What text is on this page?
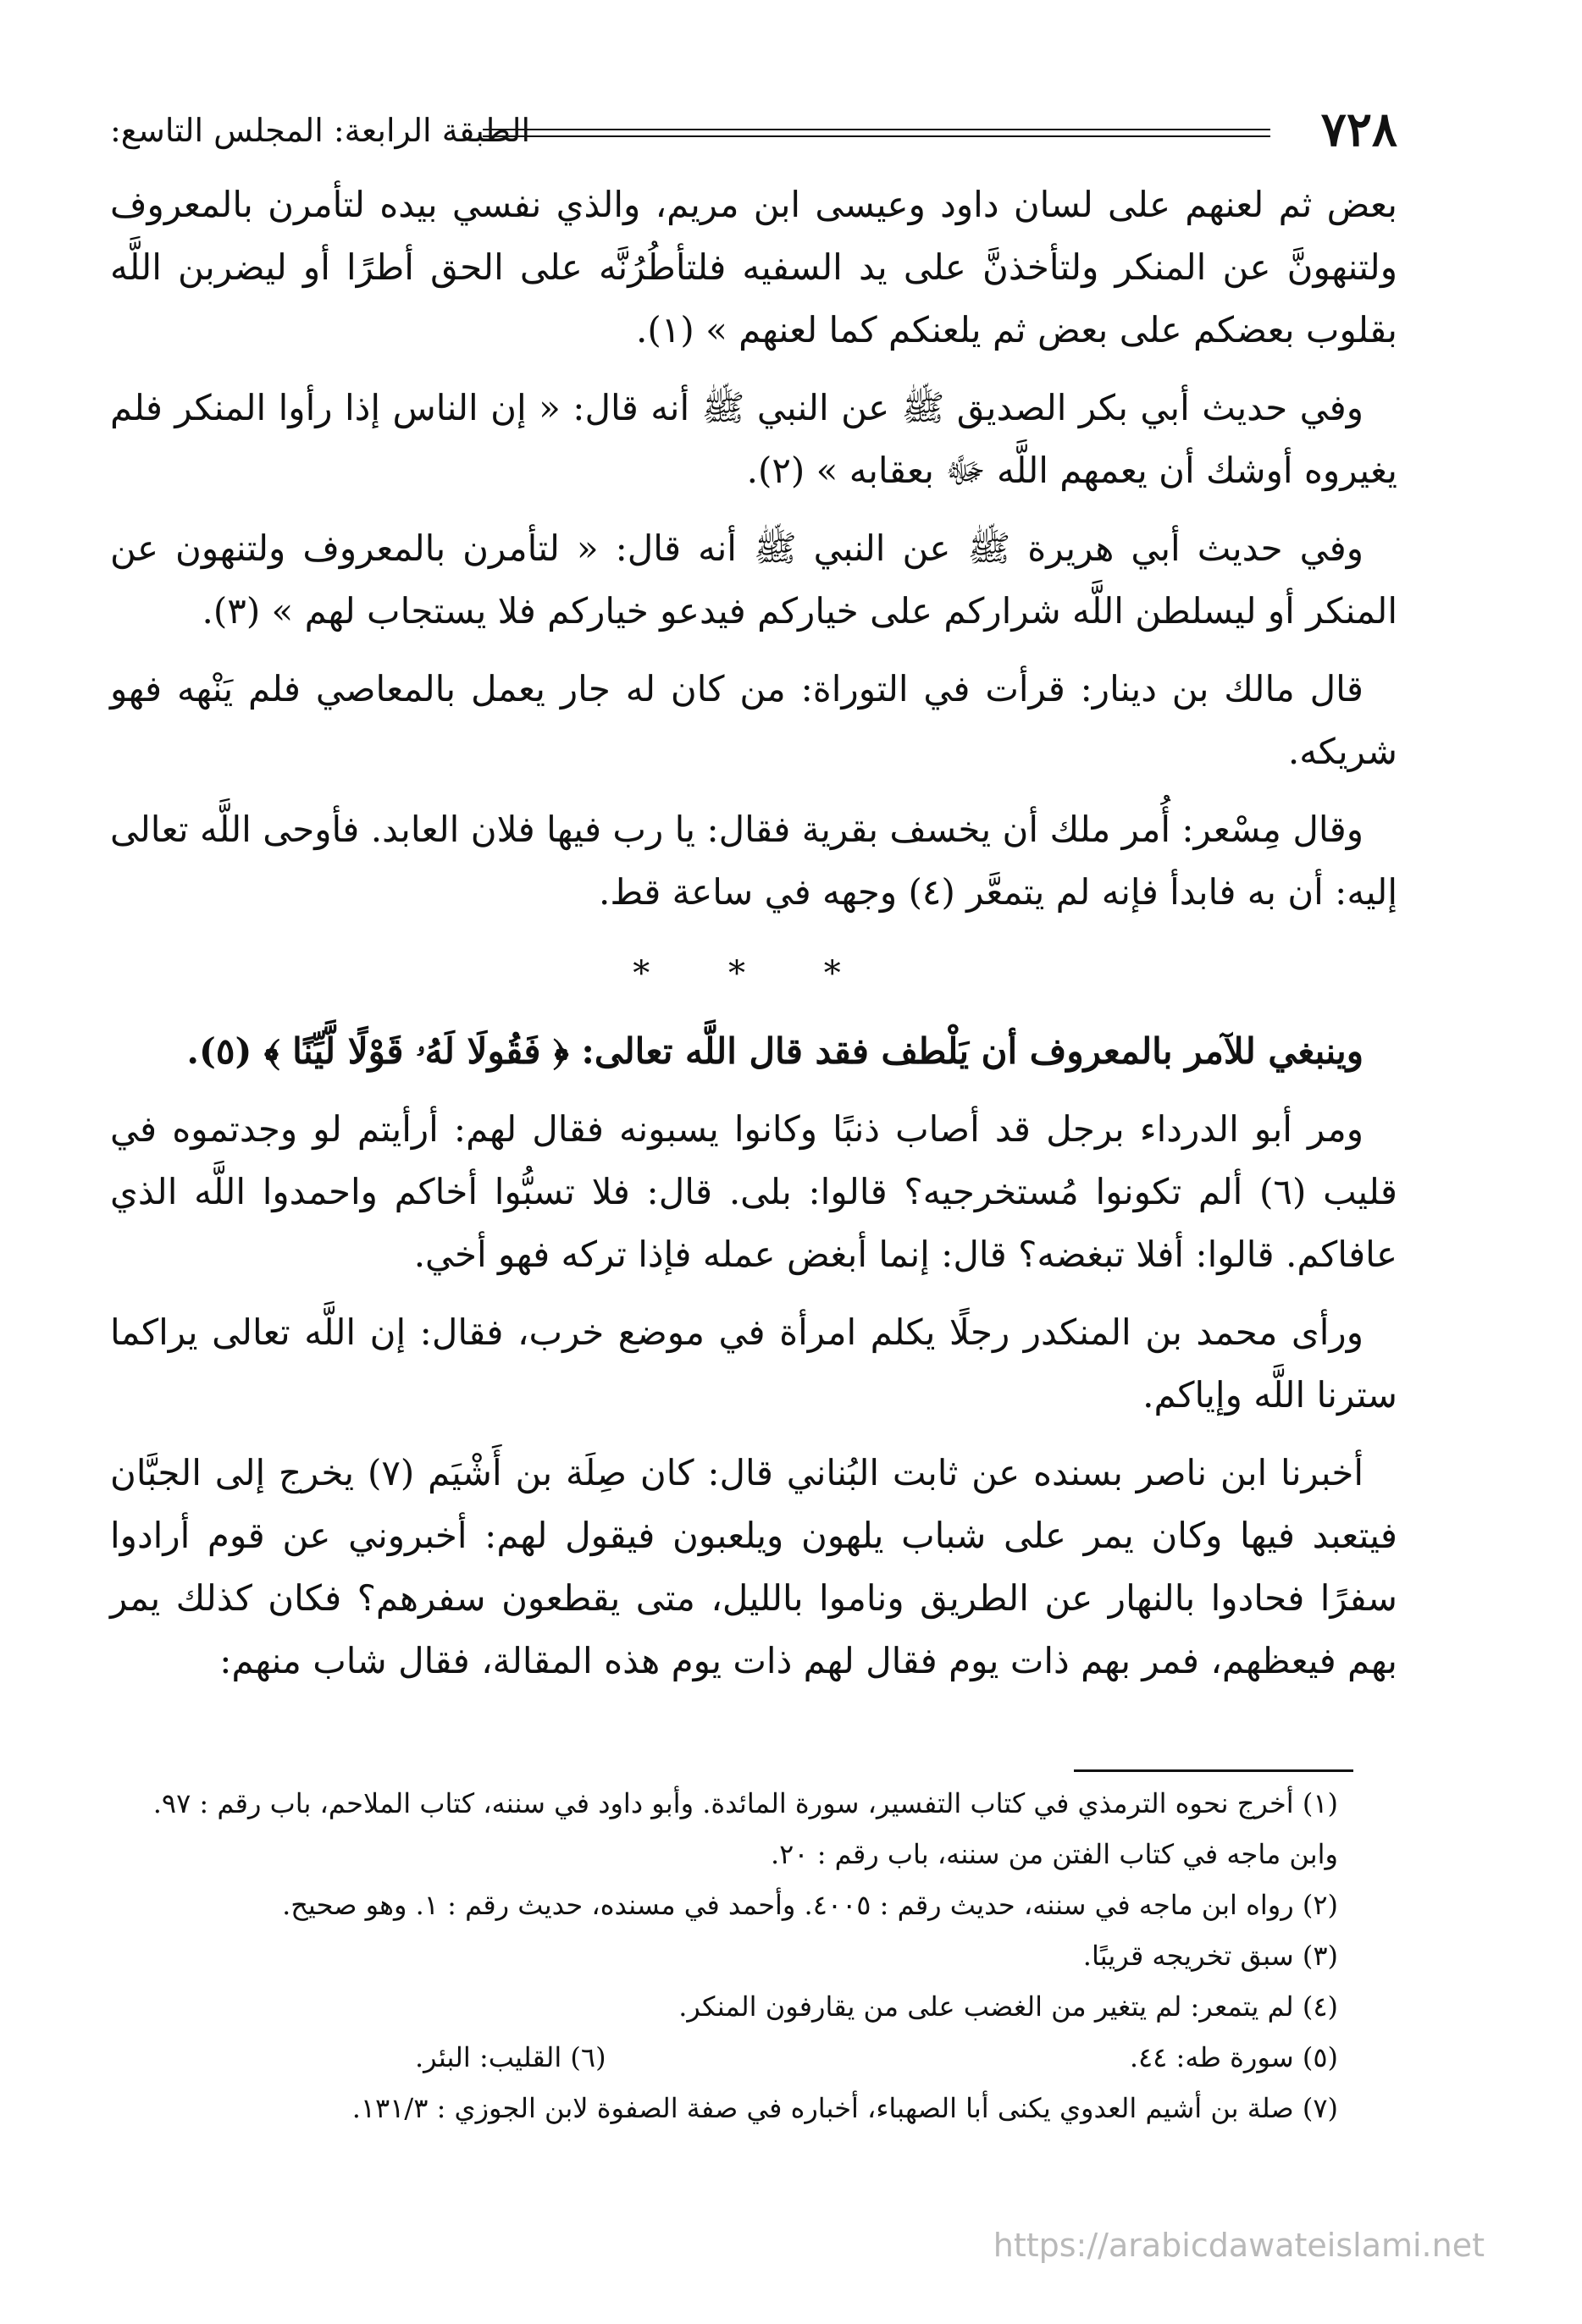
٧٢٨
الطبقة الرابعة: المجلس التاسع:

بعض ثم لعنهم على لسان داود وعيسى ابن مريم، والذي نفسي بيده لتأمرن بالمعروف ولتنهونَّ عن المنكر ولتأخذنَّ على يد السفيه فلتأطُرُنَّه على الحق أطرًا أو ليضربن اللَّه بقلوب بعضكم على بعض ثم يلعنكم كما لعنهم » (١).

وفي حديث أبي بكر الصديق ﷺ عن النبي ﷺ أنه قال: « إن الناس إذا رأوا المنكر فلم يغيروه أوشك أن يعمهم اللَّه ﷻ بعقابه » (٢).

وفي حديث أبي هريرة ﷺ عن النبي ﷺ أنه قال: « لتأمرن بالمعروف ولتنهون عن المنكر أو ليسلطن اللَّه شراركم على خياركم فيدعو خياركم فلا يستجاب لهم » (٣).

قال مالك بن دينار: قرأت في التوراة: من كان له جار يعمل بالمعاصي فلم يَنْهه فهو شريكه.

وقال مِسْعر: أُمر ملك أن يخسف بقرية فقال: يا رب فيها فلان العابد. فأوحى اللَّه تعالى إليه: أن به فابدأ فإنه لم يتمعَّر (٤) وجهه في ساعة قط.

* * *

وينبغي للآمر بالمعروف أن يَلْطف فقد قال اللَّه تعالى: ﴿ فَقُولَا لَهُۥ قَوْلًا لَّيِّنًا ﴾ (٥).

ومر أبو الدرداء برجل قد أصاب ذنبًا وكانوا يسبونه فقال لهم: أرأيتم لو وجدتموه في قليب (٦) ألم تكونوا مُستخرجيه؟ قالوا: بلى. قال: فلا تسبُّوا أخاكم واحمدوا اللَّه الذي عافاكم. قالوا: أفلا تبغضه؟ قال: إنما أبغض عمله فإذا تركه فهو أخي.

ورأى محمد بن المنكدر رجلًا يكلم امرأة في موضع خرب، فقال: إن اللَّه تعالى يراكما سترنا اللَّه وإياكم.

أخبرنا ابن ناصر بسنده عن ثابت البُناني قال: كان صِلَة بن أَشْيَم (٧) يخرج إلى الجبَّان فيتعبد فيها وكان يمر على شباب يلهون ويلعبون فيقول لهم: أخبروني عن قوم أرادوا سفرًا فحادوا بالنهار عن الطريق وناموا بالليل، متى يقطعون سفرهم؟ فكان كذلك يمر بهم فيعظهم، فمر بهم ذات يوم فقال لهم ذات يوم هذه المقالة، فقال شاب منهم:

(١) أخرج نحوه الترمذي في كتاب التفسير، سورة المائدة. وأبو داود في سننه، كتاب الملاحم، باب رقم : ٩٧.

وابن ماجه في كتاب الفتن من سننه، باب رقم : ٢٠.

(٢) رواه ابن ماجه في سننه، حديث رقم : ٤٠٠٥. وأحمد في مسنده، حديث رقم : ١. وهو صحيح.

(٣) سبق تخريجه قريبًا.

(٤) لم يتمعر: لم يتغير من الغضب على من يقارفون المنكر.

(٥) سورة طه: ٤٤.
(٦) القليب: البئر.

(٧) صلة بن أشيم العدوي يكنى أبا الصهباء، أخباره في صفة الصفوة لابن الجوزي : ١٣١/٣.

https://arabicdawateislami.net
